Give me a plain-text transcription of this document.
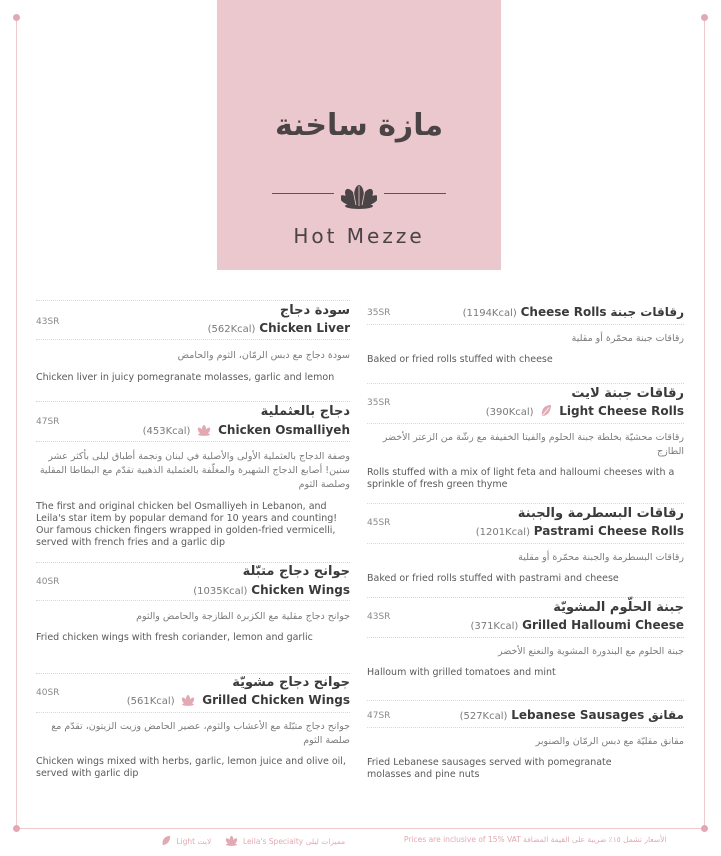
مازة ساخنة
Hot Mezze
43SR
سودة دجاج
(562Kcal) Chicken Liver
سودة دجاج مع دبس الرمّان، الثوم والحامض
Chicken liver in juicy pomegranate molasses, garlic and lemon
47SR
دجاج بالعثملية
(453Kcal) Chicken Osmalliyeh
وصفة الدجاج بالعثملية الأولى والأصلية في لبنان ونجمة أطباق ليلى بأكثر عشر سنين! أصابع الدجاج الشهيرة والمغلّفة بالعثملية الذهبية تقدّم مع البطاطا المقلية وصلصة الثوم
The first and original chicken bel Osmalliyeh in Lebanon, and Leila's star item by popular demand for 10 years and counting! Our famous chicken fingers wrapped in golden-fried vermicelli, served with french fries and a garlic dip
40SR
جوانح دجاج متبّلة
(1035Kcal) Chicken Wings
جوانح دجاج مقلية مع الكزبرة الطازجة والحامض والثوم
Fried chicken wings with fresh coriander, lemon and garlic
40SR
جوانح دجاج مشويّة
(561Kcal) Grilled Chicken Wings
جوانح دجاج متبّلة مع الأعشاب والثوم، عصير الحامض وزيت الزيتون، تقدّم مع صلصة الثوم
Chicken wings mixed with herbs, garlic, lemon juice and olive oil, served with garlic dip
35SR	(1194Kcal) Cheese Rolls رقاقات جبنة
رقاقات جبنة محمّرة أو مقلية
Baked or fried rolls stuffed with cheese
35SR
رقاقات جبنة لايت
(390Kcal) Light Cheese Rolls
رقاقات محشيّة بخلطة جبنة الحلوم والفيتا الخفيفة مع رشّة من الزعتر الأخضر الطازج
Rolls stuffed with a mix of light feta and halloumi cheeses with a sprinkle of fresh green thyme
45SR
رقاقات البسطرمة والجبنة
(1201Kcal) Pastrami Cheese Rolls
رقاقات البسطرمة والجبنة محمّرة أو مقلية
Baked or fried rolls stuffed with pastrami and cheese
43SR
جبنة الحلّوم المشويّة
(371Kcal) Grilled Halloumi Cheese
جبنة الحلوم مع البندورة المشوية والنعنع الأخضر
Halloum with grilled tomatoes and mint
47SR	(527Kcal) Lebanese Sausages مقانق
مقانق مقليّة مع دبس الرمّان والصنوبر
Fried Lebanese sausages served with pomegranate molasses and pine nuts
Light لايت	Leila's Specialty مميزات ليلى	Prices are inclusive of 15% VAT الأسعار تشمل ١٥٪ ضريبة على القيمة المضافة
